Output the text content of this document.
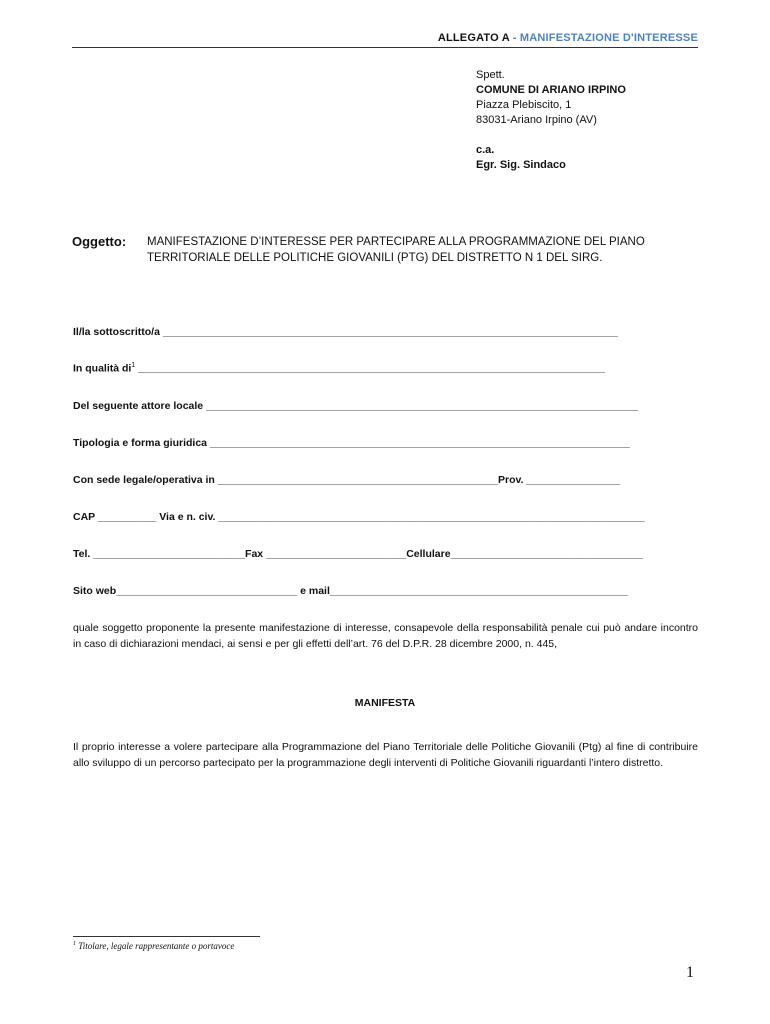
ALLEGATO A - MANIFESTAZIONE D'INTERESSE
Spett.
COMUNE DI ARIANO IRPINO
Piazza Plebiscito, 1
83031-Ariano Irpino (AV)
c.a.
Egr. Sig. Sindaco
Oggetto: MANIFESTAZIONE D’INTERESSE PER PARTECIPARE ALLA PROGRAMMAZIONE DEL PIANO TERRITORIALE DELLE POLITICHE GIOVANILI (PTG) DEL DISTRETTO N 1 DEL SIRG.
Il/la sottoscritto/a ______________________________________________________________________________
In qualità $di^1$ ________________________________________________________________________________
Del seguente attore locale __________________________________________________________________________
Tipologia e forma giuridica ________________________________________________________________________
Con sede legale/operativa in ________________________________________________Prov. ________________
CAP __________ Via e n. civ. _________________________________________________________________________
Tel. __________________________Fax ________________________Cellulare_________________________________
Sito web_______________________________ e mail___________________________________________________
quale soggetto proponente la presente manifestazione di interesse, consapevole della responsabilità penale cui può andare incontro in caso di dichiarazioni mendaci, ai sensi e per gli effetti dell’art. 76 del D.P.R. 28 dicembre 2000, n. 445,
MANIFESTA
Il proprio interesse a volere partecipare alla Programmazione del Piano Territoriale delle Politiche Giovanili (Ptg) al fine di contribuire allo sviluppo di un percorso partecipato per la programmazione degli interventi di Politiche Giovanili riguardanti l’intero distretto.
$^1$ Titolare, legale rappresentante o portavoce
1
